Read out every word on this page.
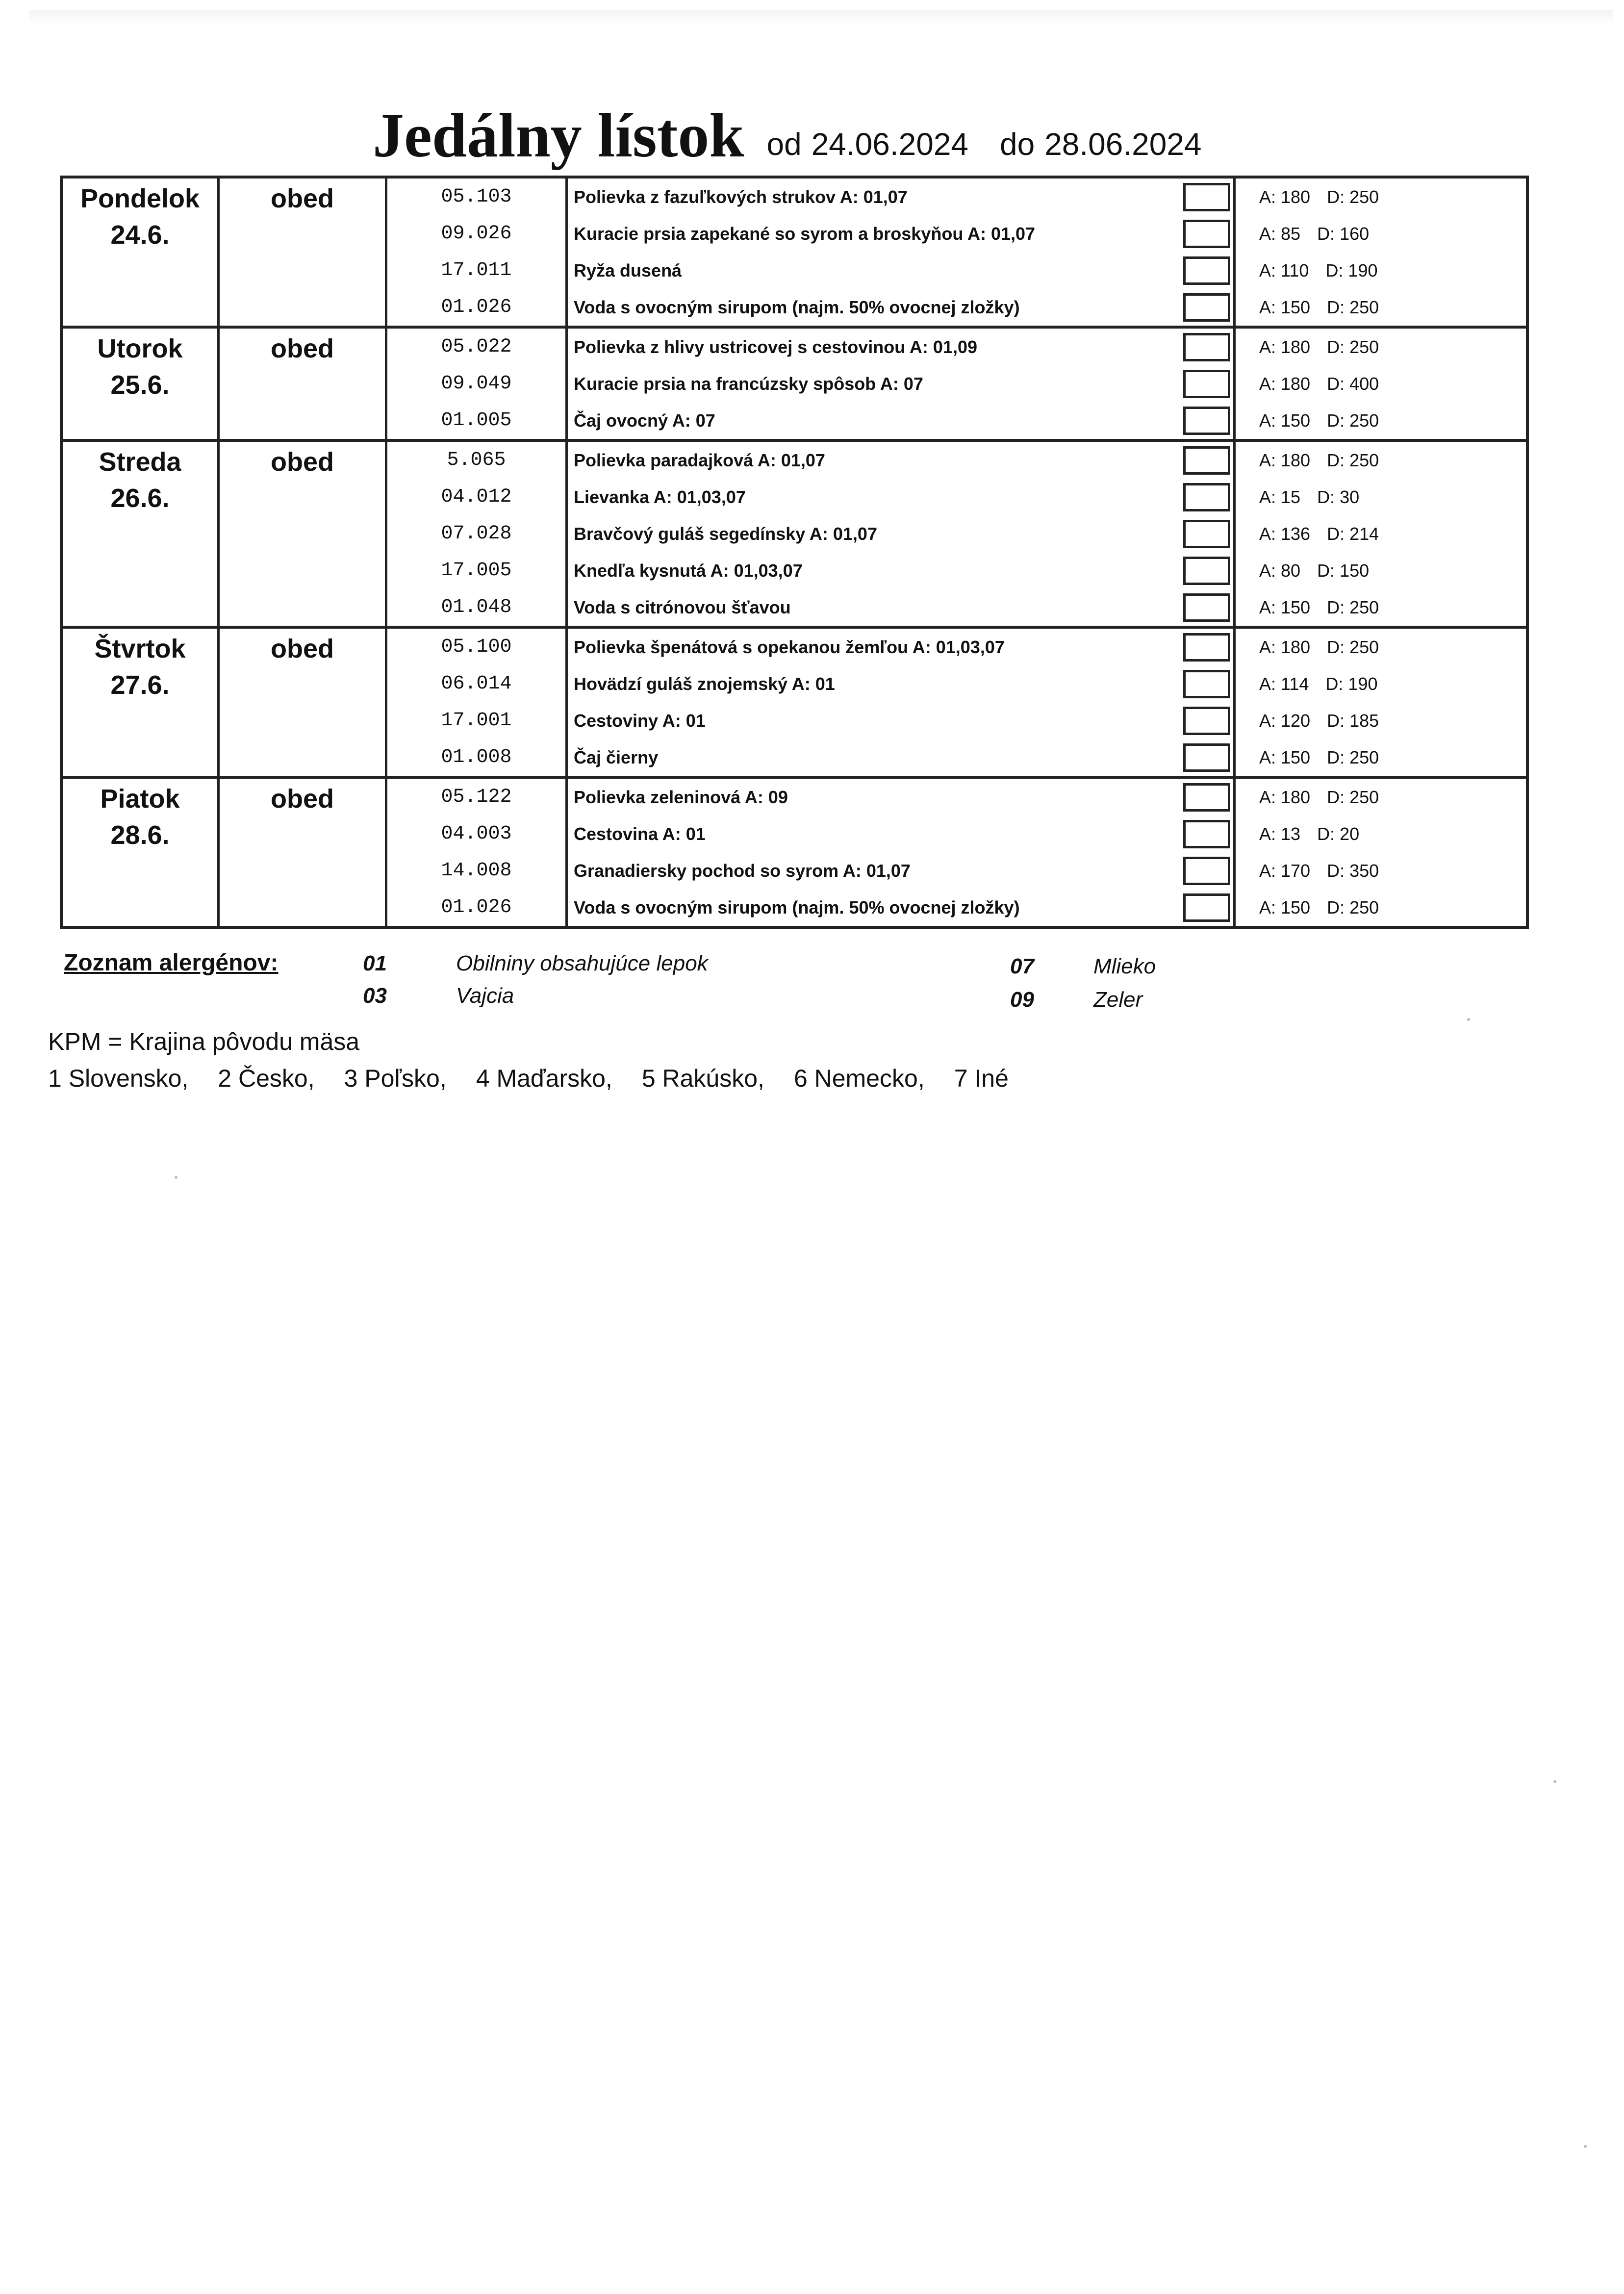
Jedálny lístok od 24.06.2024 do 28.06.2024
Pondelok
24.6.
obed	05.103	Polievka z fazuľkových strukov A: 01,07	A: 180 D: 250
09.026	Kuracie prsia zapekané so syrom a broskyňou A: 01,07	A: 85 D: 160
17.011	Ryža dusená	A: 110 D: 190
01.026	Voda s ovocným sirupom (najm. 50% ovocnej zložky)	A: 150 D: 250
Utorok
25.6.
obed	05.022	Polievka z hlivy ustricovej s cestovinou A: 01,09	A: 180 D: 250
09.049	Kuracie prsia na francúzsky spôsob A: 07	A: 180 D: 400
01.005	Čaj ovocný A: 07	A: 150 D: 250
Streda
26.6.
obed	5.065	Polievka paradajková A: 01,07	A: 180 D: 250
04.012	Lievanka A: 01,03,07	A: 15 D: 30
07.028	Bravčový guláš segedínsky A: 01,07	A: 136 D: 214
17.005	Knedľa kysnutá A: 01,03,07	A: 80 D: 150
01.048	Voda s citrónovou šťavou	A: 150 D: 250
Štvrtok
27.6.
obed	05.100	Polievka špenátová s opekanou žemľou A: 01,03,07	A: 180 D: 250
06.014	Hovädzí guláš znojemský A: 01	A: 114 D: 190
17.001	Cestoviny A: 01	A: 120 D: 185
01.008	Čaj čierny	A: 150 D: 250
Piatok
28.6.
obed	05.122	Polievka zeleninová A: 09	A: 180 D: 250
04.003	Cestovina A: 01	A: 13 D: 20
14.008	Granadiersky pochod so syrom A: 01,07	A: 170 D: 350
01.026	Voda s ovocným sirupom (najm. 50% ovocnej zložky)	A: 150 D: 250
Zoznam alergénov:	01	Obilniny obsahujúce lepok
03	Vajcia
07	Mlieko
09	Zeler
KPM = Krajina pôvodu mäsa
1 Slovensko, 2 Česko, 3 Poľsko, 4 Maďarsko, 5 Rakúsko, 6 Nemecko, 7 Iné
